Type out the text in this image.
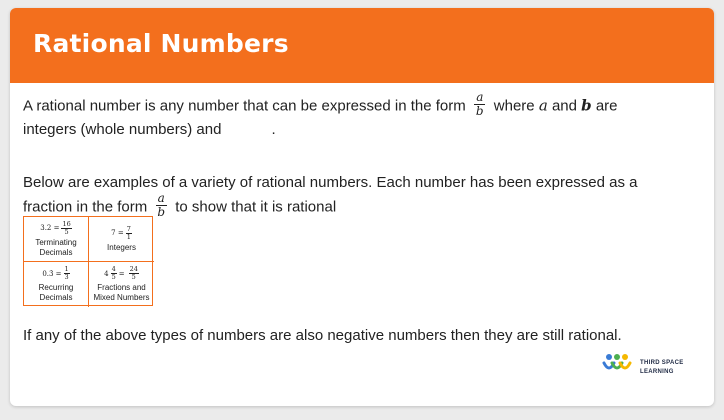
Rational Numbers
A rational number is any number that can be expressed in the form $\frac{a}{b}$ where a and b are
integers (whole numbers) and	.
Below are examples of a variety of rational numbers. Each number has been expressed as a
fraction in the form $\frac{a}{b}$ to show that it is rational
$3.2 = \frac{16}{5}$
Terminating
Decimals
$7 = \frac{7}{1}$
Integers
0.3̇ = $\frac{1}{3}$
Recurring
Decimals
$4 \frac{4}{5} = \frac{24}{5}$
Fractions and
Mixed Numbers
If any of the above types of numbers are also negative numbers then they are still rational.
THIRD SPACE
LEARNING
